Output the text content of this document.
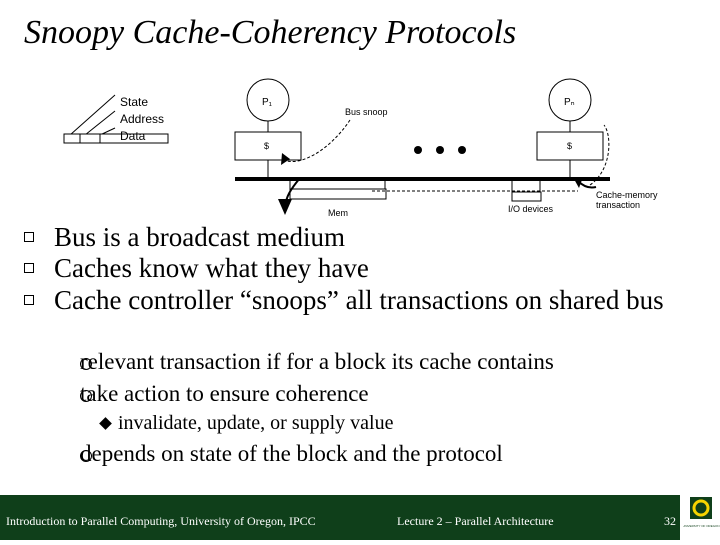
Snoopy Cache-Coherency Protocols
State
Address
Data
P₁
$
Bus snoop
Pₙ
$
Mem	I/O devices
Cache-memory
transaction
Bus is a broadcast medium
Caches know what they have
Cache controller “snoops” all transactions on shared bus
relevant transaction if for a block its cache contains
take action to ensure coherence
invalidate, update, or supply value
depends on state of the block and the protocol
Introduction to Parallel Computing, University of Oregon, IPCC	Lecture 2 – Parallel Architecture	32 UNIVERSITY OF OREGON
